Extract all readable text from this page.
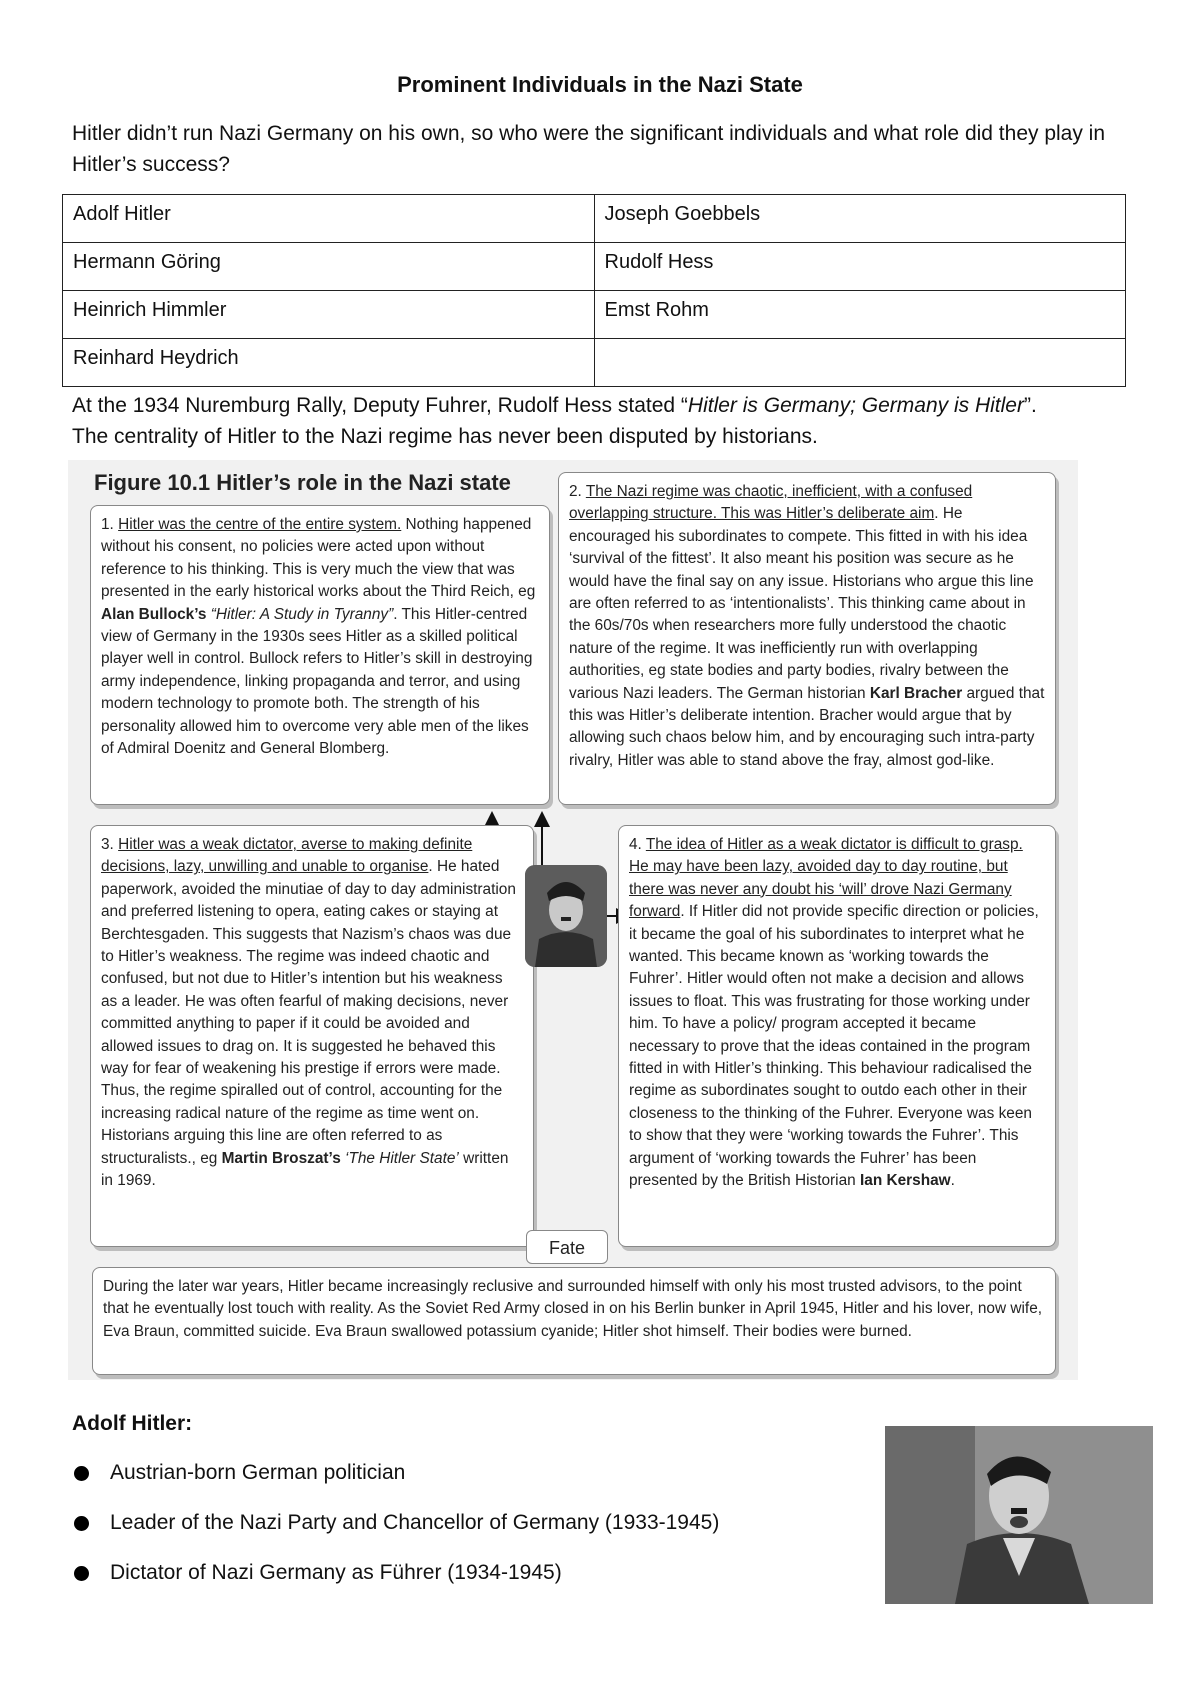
Prominent Individuals in the Nazi State
Hitler didn’t run Nazi Germany on his own, so who were the significant individuals and what role did they play in Hitler’s success?
Adolf Hitler	Joseph Goebbels
Hermann Göring	Rudolf Hess
Heinrich Himmler	Emst Rohm
Reinhard Heydrich	
At the 1934 Nuremburg Rally, Deputy Fuhrer, Rudolf Hess stated “Hitler is Germany; Germany is Hitler”.
The centrality of Hitler to the Nazi regime has never been disputed by historians.
Figure 10.1 Hitler’s role in the Nazi state
1. Hitler was the centre of the entire system. Nothing happened without his consent, no policies were acted upon without reference to his thinking. This is very much the view that was presented in the early historical works about the Third Reich, eg Alan Bullock’s “Hitler: A Study in Tyranny”. This Hitler-centred view of Germany in the 1930s sees Hitler as a skilled political player well in control. Bullock refers to Hitler’s skill in destroying army independence, linking propaganda and terror, and using modern technology to promote both. The strength of his personality allowed him to overcome very able men of the likes of Admiral Doenitz and General Blomberg.
2. The Nazi regime was chaotic, inefficient, with a confused overlapping structure. This was Hitler’s deliberate aim. He encouraged his subordinates to compete. This fitted in with his idea ‘survival of the fittest’. It also meant his position was secure as he would have the final say on any issue. Historians who argue this line are often referred to as ‘intentionalists’. This thinking came about in the 60s/70s when researchers more fully understood the chaotic nature of the regime. It was inefficiently run with overlapping authorities, eg state bodies and party bodies, rivalry between the various Nazi leaders. The German historian Karl Bracher argued that this was Hitler’s deliberate intention. Bracher would argue that by allowing such chaos below him, and by encouraging such intra-party rivalry, Hitler was able to stand above the fray, almost god-like.
3. Hitler was a weak dictator, averse to making definite decisions, lazy, unwilling and unable to organise. He hated paperwork, avoided the minutiae of day to day administration and preferred listening to opera, eating cakes or staying at Berchtesgaden. This suggests that Nazism’s chaos was due to Hitler’s weakness. The regime was indeed chaotic and confused, but not due to Hitler’s intention but his weakness as a leader. He was often fearful of making decisions, never committed anything to paper if it could be avoided and allowed issues to drag on. It is suggested he behaved this way for fear of weakening his prestige if errors were made. Thus, the regime spiralled out of control, accounting for the increasing radical nature of the regime as time went on. Historians arguing this line are often referred to as structuralists., eg Martin Broszat’s ‘The Hitler State’ written in 1969.
4. The idea of Hitler as a weak dictator is difficult to grasp. He may have been lazy, avoided day to day routine, but there was never any doubt his ‘will’ drove Nazi Germany forward. If Hitler did not provide specific direction or policies, it became the goal of his subordinates to interpret what he wanted. This became known as ‘working towards the Fuhrer’. Hitler would often not make a decision and allows issues to float. This was frustrating for those working under him. To have a policy/ program accepted it became necessary to prove that the ideas contained in the program fitted in with Hitler’s thinking. This behaviour radicalised the regime as subordinates sought to outdo each other in their closeness to the thinking of the Fuhrer. Everyone was keen to show that they were ‘working towards the Fuhrer’. This argument of ‘working towards the Fuhrer’ has been presented by the British Historian Ian Kershaw.
Fate
During the later war years, Hitler became increasingly reclusive and surrounded himself with only his most trusted advisors, to the point that he eventually lost touch with reality. As the Soviet Red Army closed in on his Berlin bunker in April 1945, Hitler and his lover, now wife, Eva Braun, committed suicide. Eva Braun swallowed potassium cyanide; Hitler shot himself. Their bodies were burned.
Adolf Hitler:
Austrian-born German politician
Leader of the Nazi Party and Chancellor of Germany (1933-1945)
Dictator of Nazi Germany as Führer (1934-1945)
